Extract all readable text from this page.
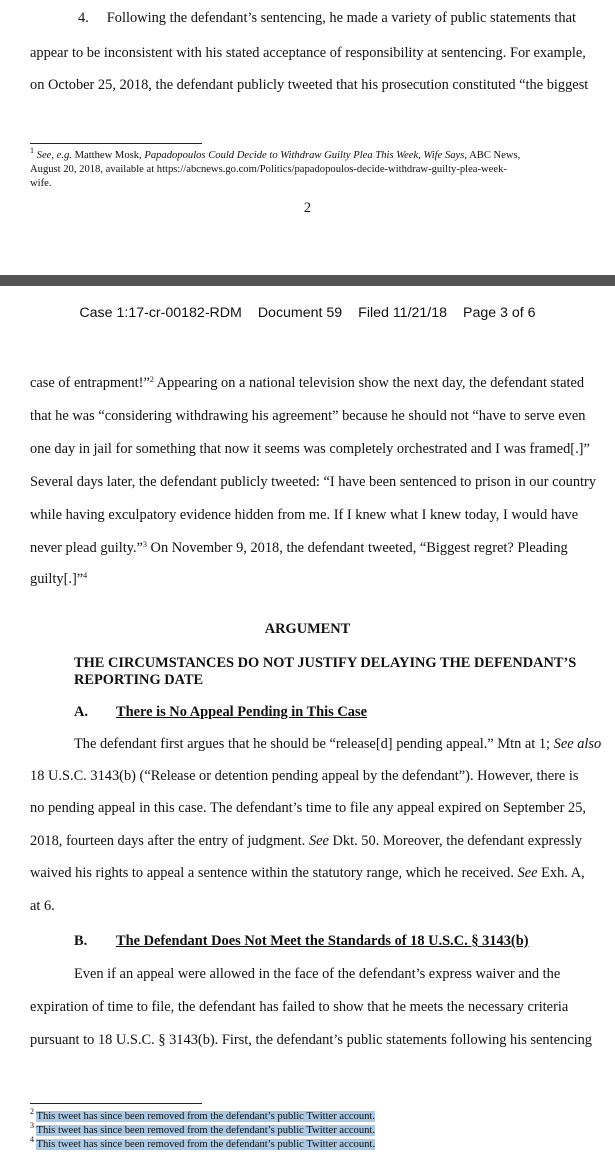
4. Following the defendant’s sentencing, he made a variety of public statements that
appear to be inconsistent with his stated acceptance of responsibility at sentencing. For example,
on October 25, 2018, the defendant publicly tweeted that his prosecution constituted “the biggest
$^1$ See, e.g. Matthew Mosk, Papadopoulos Could Decide to Withdraw Guilty Plea This Week, Wife Says, ABC News,
August 20, 2018, available at https://abcnews.go.com/Politics/papadopoulos-decide-withdraw-guilty-plea-week-
wife.
2
Case 1:17-cr-00182-RDM Document 59 Filed 11/21/18 Page 3 of 6
case of entrapment!”$^2$ Appearing on a national television show the next day, the defendant stated
that he was “considering withdrawing his agreement” because he should not “have to serve even
one day in jail for something that now it seems was completely orchestrated and I was framed[.]”
Several days later, the defendant publicly tweeted: “I have been sentenced to prison in our country
while having exculpatory evidence hidden from me. If I knew what I knew today, I would have
never plead guilty.”$^3$ On November 9, 2018, the defendant tweeted, “Biggest regret? Pleading
guilty[.]”$^4$
ARGUMENT
THE CIRCUMSTANCES DO NOT JUSTIFY DELAYING THE DEFENDANT’S
REPORTING DATE
A. There is No Appeal Pending in This Case
The defendant first argues that he should be “release[d] pending appeal.” Mtn at 1; See also
18 U.S.C. 3143(b) (“Release or detention pending appeal by the defendant”). However, there is
no pending appeal in this case. The defendant’s time to file any appeal expired on September 25,
2018, fourteen days after the entry of judgment. See Dkt. 50. Moreover, the defendant expressly
waived his rights to appeal a sentence within the statutory range, which he received. See Exh. A,
at 6.
B. The Defendant Does Not Meet the Standards of 18 U.S.C. § 3143(b)
Even if an appeal were allowed in the face of the defendant’s express waiver and the
expiration of time to file, the defendant has failed to show that he meets the necessary criteria
pursuant to 18 U.S.C. § 3143(b). First, the defendant’s public statements following his sentencing
$^2$ This tweet has since been removed from the defendant’s public Twitter account.
$^3$ This tweet has since been removed from the defendant’s public Twitter account.
$^4$ This tweet has since been removed from the defendant’s public Twitter account.
